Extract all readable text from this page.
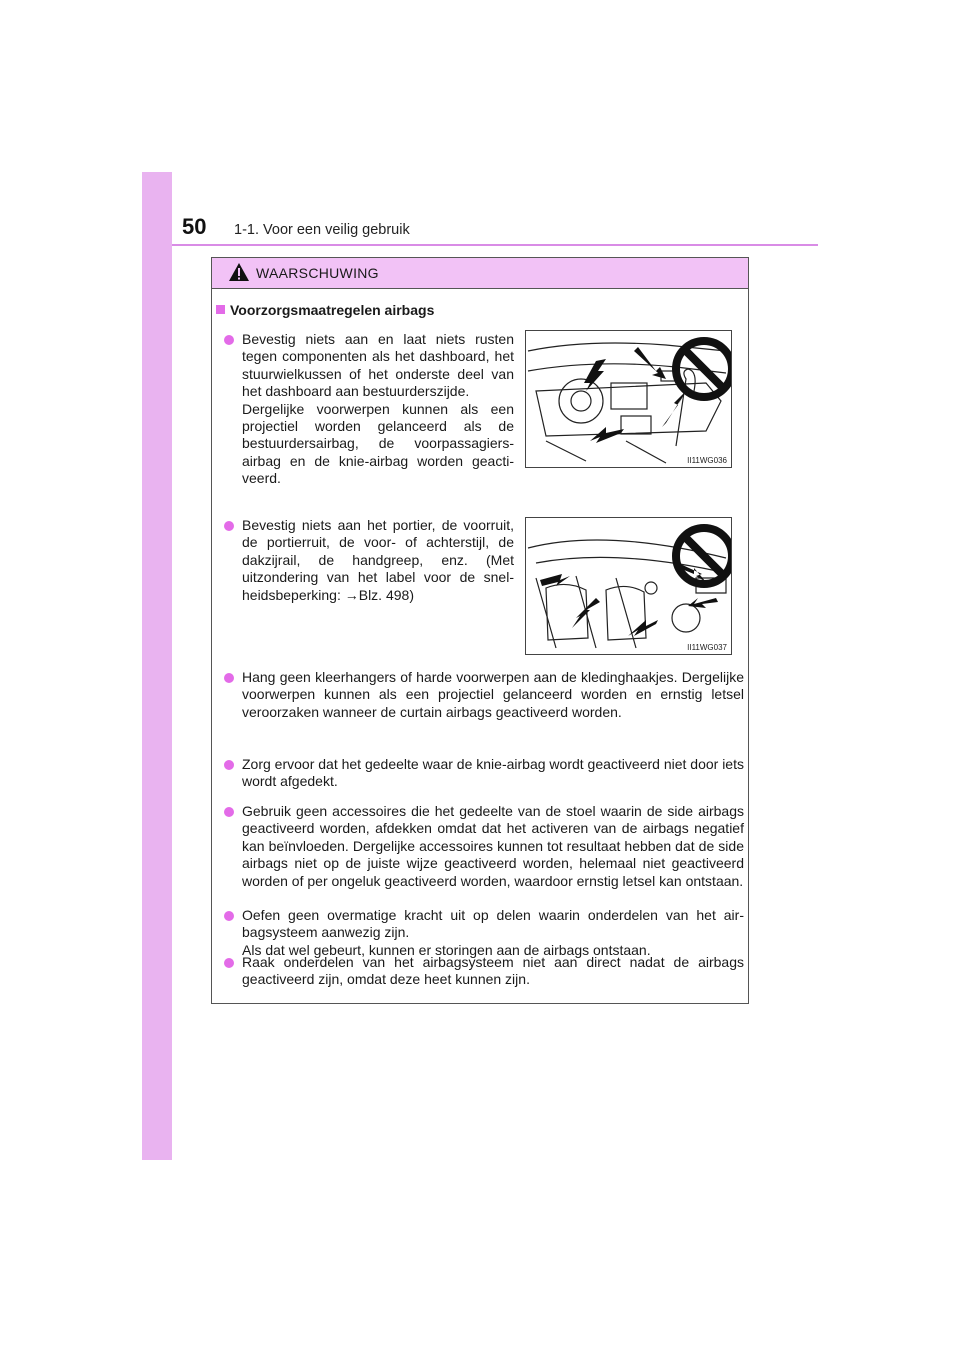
50 1-1. Voor een veilig gebruik
WAARSCHUWING
Voorzorgsmaatregelen airbags

Bevestig niets aan en laat niets rusten tegen componenten als het dashboard, het stuurwielkussen of het onderste deel van het dashboard aan bestuurderszijde.

Dergelijke voorwerpen kunnen als een projectiel worden gelanceerd als de bestuurdersairbag, de voorpassagiersairbag en de knie-airbag worden geactiveerd.

II11WG036

Bevestig niets aan het portier, de voorruit, de portierruit, de voor- of achterstijl, de dakzijrail, de handgreep, enz. (Met uitzondering van het label voor de snelheidsbeperking: →Blz. 498)

II11WG037

Hang geen kleerhangers of harde voorwerpen aan de kledinghaakjes. Dergelijke voorwerpen kunnen als een projectiel gelanceerd worden en ernstig letsel veroorzaken wanneer de curtain airbags geactiveerd worden.

Zorg ervoor dat het gedeelte waar de knie-airbag wordt geactiveerd niet door iets wordt afgedekt.

Gebruik geen accessoires die het gedeelte van de stoel waarin de side airbags geactiveerd worden, afdekken omdat dat het activeren van de airbags negatief kan beïnvloeden. Dergelijke accessoires kunnen tot resultaat hebben dat de side airbags niet op de juiste wijze geactiveerd worden, helemaal niet geactiveerd worden of per ongeluk geactiveerd worden, waardoor ernstig letsel kan ontstaan.

Oefen geen overmatige kracht uit op delen waarin onderdelen van het airbagsysteem aanwezig zijn.

Als dat wel gebeurt, kunnen er storingen aan de airbags ontstaan.

Raak onderdelen van het airbagsysteem niet aan direct nadat de airbags geactiveerd zijn, omdat deze heet kunnen zijn.
